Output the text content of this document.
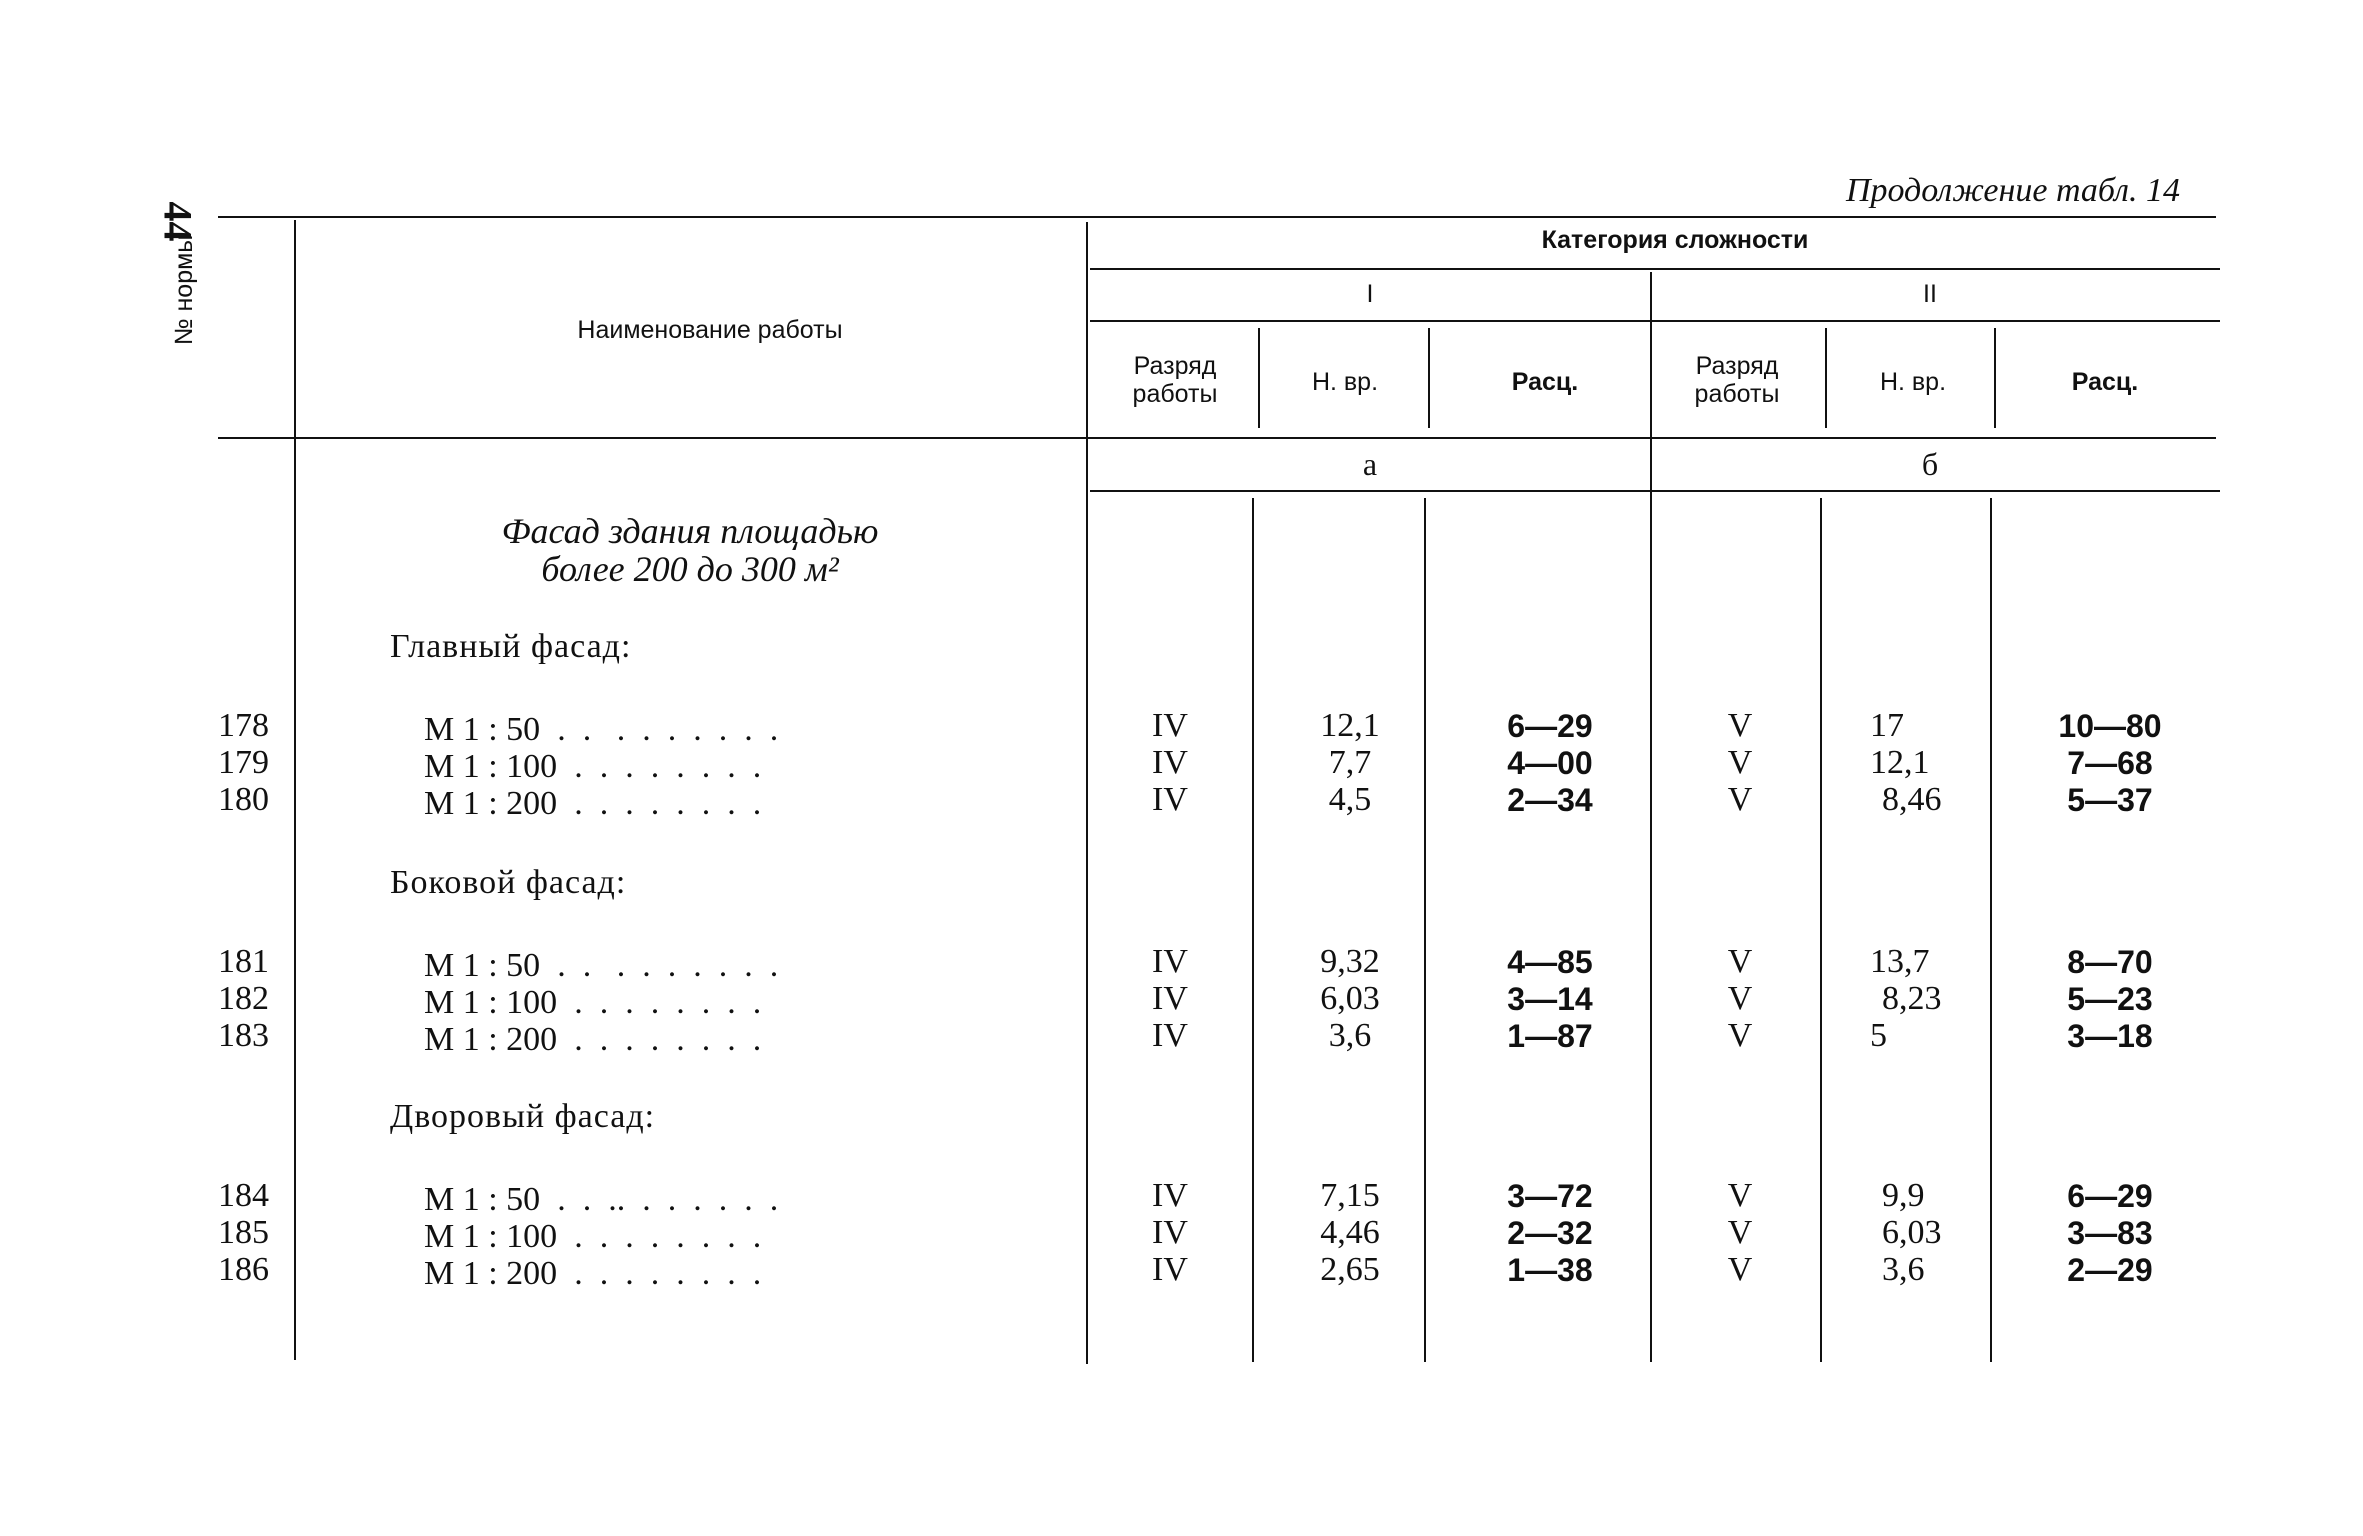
44
Продолжение табл. 14
№ нормы	Наименование работы
Категория сложности
I	II
Разряд
работы	Н. вр.	Расц.
Разряд
работы	Н. вр.	Расц.
а	б
Фасад здания площадью
более 200 до 300 м²
Главный фасад:
178	М 1 : 50  .  .   .  .  .  .  .  .  .	IV	12,1	6—29	V	17	10—80
179	М 1 : 100  .  .  .  .  .  .  .  .	IV	7,7	4—00	V	12,1	7—68
180	М 1 : 200  .  .  .  .  .  .  .  .	IV	4,5	2—34	V	8,46	5—37
Боковой фасад:
181	М 1 : 50  .  .   .  .  .  .  .  .  .	IV	9,32	4—85	V	13,7	8—70
182	М 1 : 100  .  .  .  .  .  .  .  .	IV	6,03	3—14	V	8,23	5—23
183	М 1 : 200  .  .  .  .  .  .  .  .	IV	3,6	1—87	V	5	3—18
Дворовый фасад:
184	М 1 : 50  .  .  ..  .  .  .  .  .  .	IV	7,15	3—72	V	9,9	6—29
185	М 1 : 100  .  .  .  .  .  .  .  .	IV	4,46	2—32	V	6,03	3—83
186	М 1 : 200  .  .  .  .  .  .  .  .	IV	2,65	1—38	V	3,6	2—29
